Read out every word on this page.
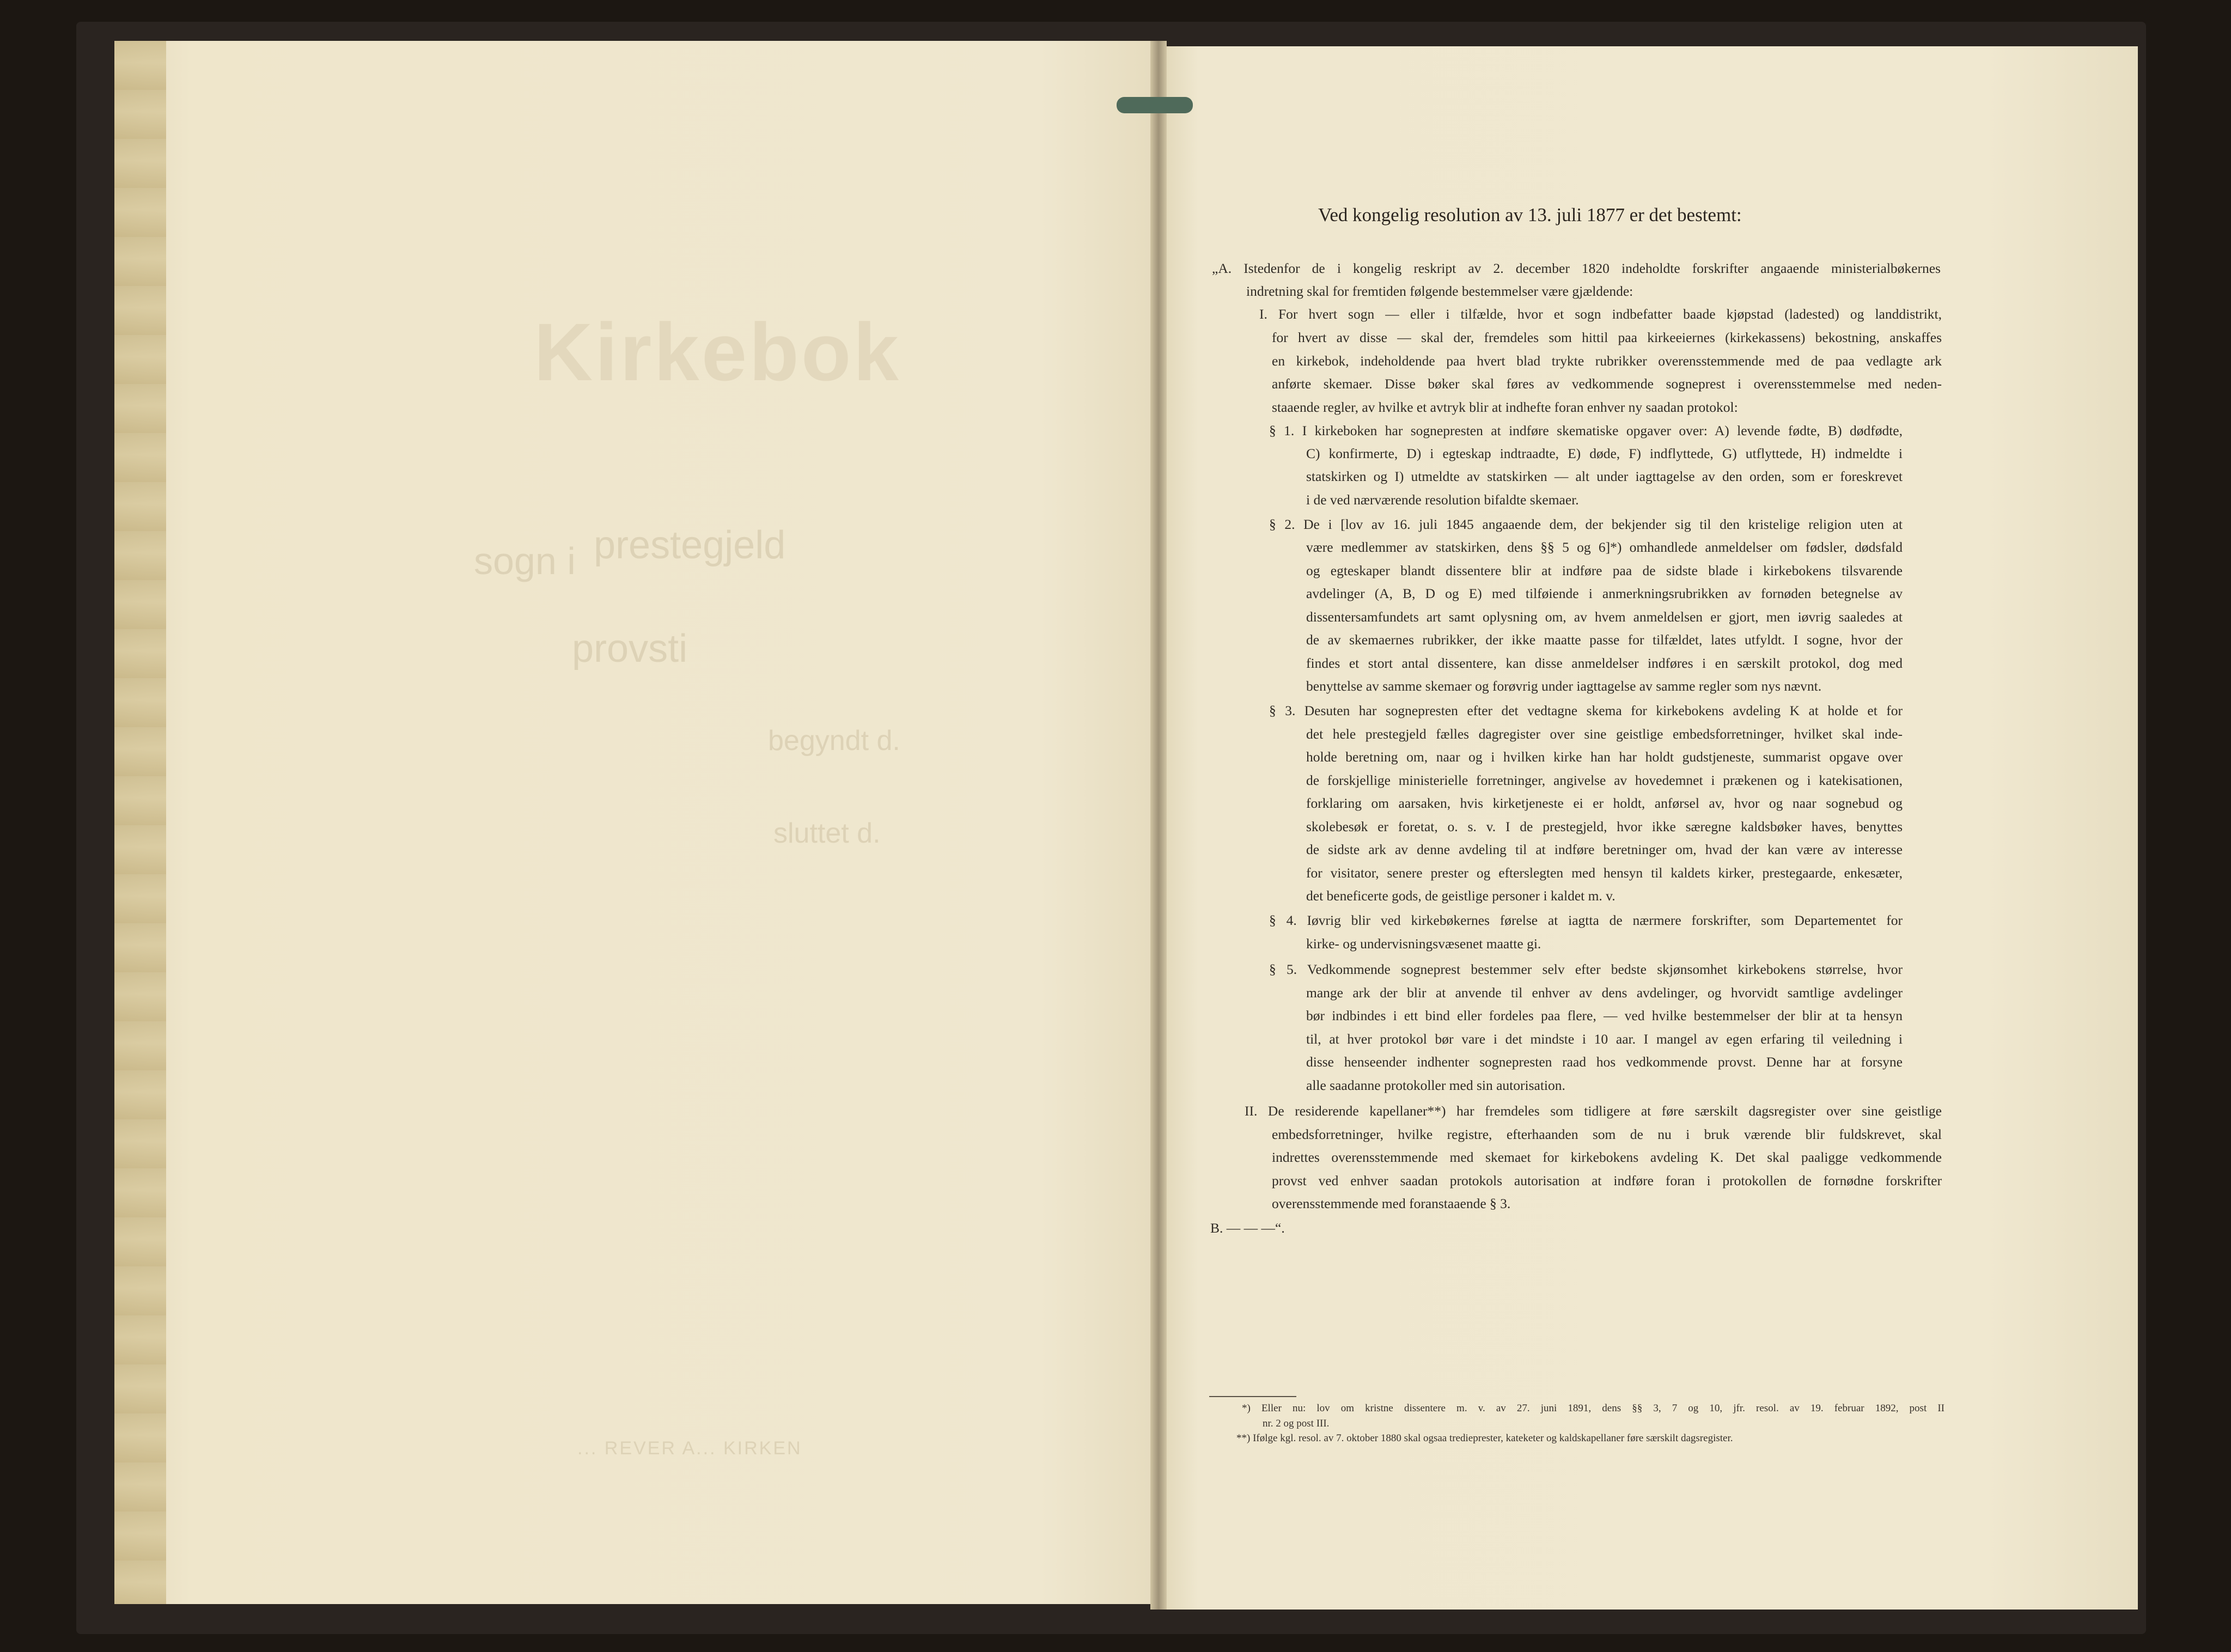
Kirkebok
sogn i prestegjeld
provsti
begyndt d.
sluttet d.
... REVER A... KIRKEN
Ved kongelig resolution av 13. juli 1877 er det bestemt:
„A. Istedenfor de i kongelig reskript av 2. december 1820 indeholdte forskrifter angaaende ministerialbøkernes
indretning skal for fremtiden følgende bestemmelser være gjældende:
I. For hvert sogn — eller i tilfælde, hvor et sogn indbefatter baade kjøpstad (ladested) og landdistrikt,
for hvert av disse — skal der, fremdeles som hittil paa kirkeeiernes (kirkekassens) bekostning, anskaffes
en kirkebok, indeholdende paa hvert blad trykte rubrikker overensstemmende med de paa vedlagte ark
anførte skemaer. Disse bøker skal føres av vedkommende sogneprest i overensstemmelse med neden-
staaende regler, av hvilke et avtryk blir at indhefte foran enhver ny saadan protokol:
§ 1. I kirkeboken har sognepresten at indføre skematiske opgaver over: A) levende fødte, B) dødfødte,
C) konfirmerte, D) i egteskap indtraadte, E) døde, F) indflyttede, G) utflyttede, H) indmeldte i
statskirken og I) utmeldte av statskirken — alt under iagttagelse av den orden, som er foreskrevet
i de ved nærværende resolution bifaldte skemaer.
§ 2. De i [lov av 16. juli 1845 angaaende dem, der bekjender sig til den kristelige religion uten at
være medlemmer av statskirken, dens §§ 5 og 6]*) omhandlede anmeldelser om fødsler, dødsfald
og egteskaper blandt dissentere blir at indføre paa de sidste blade i kirkebokens tilsvarende
avdelinger (A, B, D og E) med tilføiende i anmerkningsrubrikken av fornøden betegnelse av
dissentersamfundets art samt oplysning om, av hvem anmeldelsen er gjort, men iøvrig saaledes at
de av skemaernes rubrikker, der ikke maatte passe for tilfældet, lates utfyldt. I sogne, hvor der
findes et stort antal dissentere, kan disse anmeldelser indføres i en særskilt protokol, dog med
benyttelse av samme skemaer og forøvrig under iagttagelse av samme regler som nys nævnt.
§ 3. Desuten har sognepresten efter det vedtagne skema for kirkebokens avdeling K at holde et for
det hele prestegjeld fælles dagregister over sine geistlige embedsforretninger, hvilket skal inde-
holde beretning om, naar og i hvilken kirke han har holdt gudstjeneste, summarist opgave over
de forskjellige ministerielle forretninger, angivelse av hovedemnet i prækenen og i katekisationen,
forklaring om aarsaken, hvis kirketjeneste ei er holdt, anførsel av, hvor og naar sognebud og
skolebesøk er foretat, o. s. v. I de prestegjeld, hvor ikke særegne kaldsbøker haves, benyttes
de sidste ark av denne avdeling til at indføre beretninger om, hvad der kan være av interesse
for visitator, senere prester og efterslegten med hensyn til kaldets kirker, prestegaarde, enkesæter,
det beneficerte gods, de geistlige personer i kaldet m. v.
§ 4. Iøvrig blir ved kirkebøkernes førelse at iagtta de nærmere forskrifter, som Departementet for
kirke- og undervisningsvæsenet maatte gi.
§ 5. Vedkommende sogneprest bestemmer selv efter bedste skjønsomhet kirkebokens størrelse, hvor
mange ark der blir at anvende til enhver av dens avdelinger, og hvorvidt samtlige avdelinger
bør indbindes i ett bind eller fordeles paa flere, — ved hvilke bestemmelser der blir at ta hensyn
til, at hver protokol bør vare i det mindste i 10 aar. I mangel av egen erfaring til veiledning i
disse henseender indhenter sognepresten raad hos vedkommende provst. Denne har at forsyne
alle saadanne protokoller med sin autorisation.
II. De residerende kapellaner**) har fremdeles som tidligere at føre særskilt dagsregister over sine geistlige
embedsforretninger, hvilke registre, efterhaanden som de nu i bruk værende blir fuldskrevet, skal
indrettes overensstemmende med skemaet for kirkebokens avdeling K. Det skal paaligge vedkommende
provst ved enhver saadan protokols autorisation at indføre foran i protokollen de fornødne forskrifter
overensstemmende med foranstaaende § 3.
B. — — —“.
*) Eller nu: lov om kristne dissentere m. v. av 27. juni 1891, dens §§ 3, 7 og 10, jfr. resol. av 19. februar 1892, post II
nr. 2 og post III.
**) Ifølge kgl. resol. av 7. oktober 1880 skal ogsaa tredieprester, kateketer og kaldskapellaner føre særskilt dagsregister.
